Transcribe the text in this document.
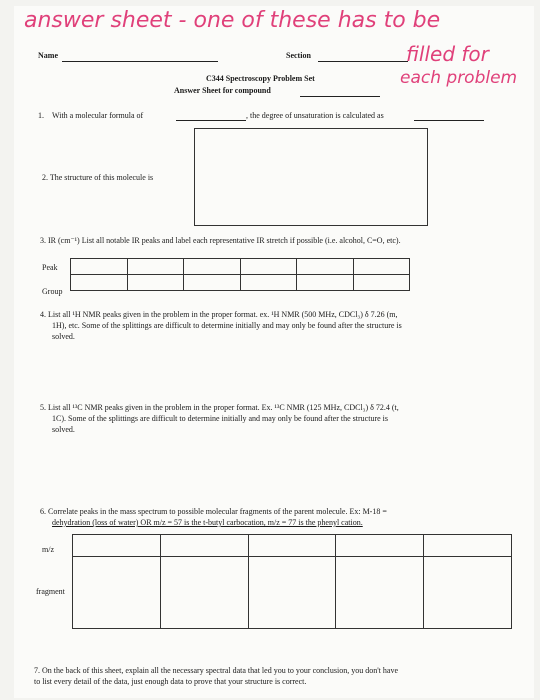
answer sheet - one of these has to be
filled for
each problem
Name	Section
C344 Spectroscopy Problem Set
Answer Sheet for compound
1. With a molecular formula of	, the degree of unsaturation is calculated as
2. The structure of this molecule is
3. IR (cm⁻¹) List all notable IR peaks and label each representative IR stretch if possible (i.e. alcohol, C=O, etc).
Peak
Group

4. List all ¹H NMR peaks given in the problem in the proper format. ex. ¹H NMR (500 MHz, CDCl₃) δ 7.26 (m,
1H), etc. Some of the splittings are difficult to determine initially and may only be found after the structure is
solved.
5. List all ¹³C NMR peaks given in the problem in the proper format. Ex. ¹³C NMR (125 MHz, CDCl₃) δ 72.4 (t,
1C). Some of the splittings are difficult to determine initially and may only be found after the structure is
solved.
6. Correlate peaks in the mass spectrum to possible molecular fragments of the parent molecule. Ex: M-18 =
dehydration (loss of water) OR m/z = 57 is the t-butyl carbocation, m/z = 77 is the phenyl cation.
m/z
fragment

7. On the back of this sheet, explain all the necessary spectral data that led you to your conclusion, you don't have
to list every detail of the data, just enough data to prove that your structure is correct.
